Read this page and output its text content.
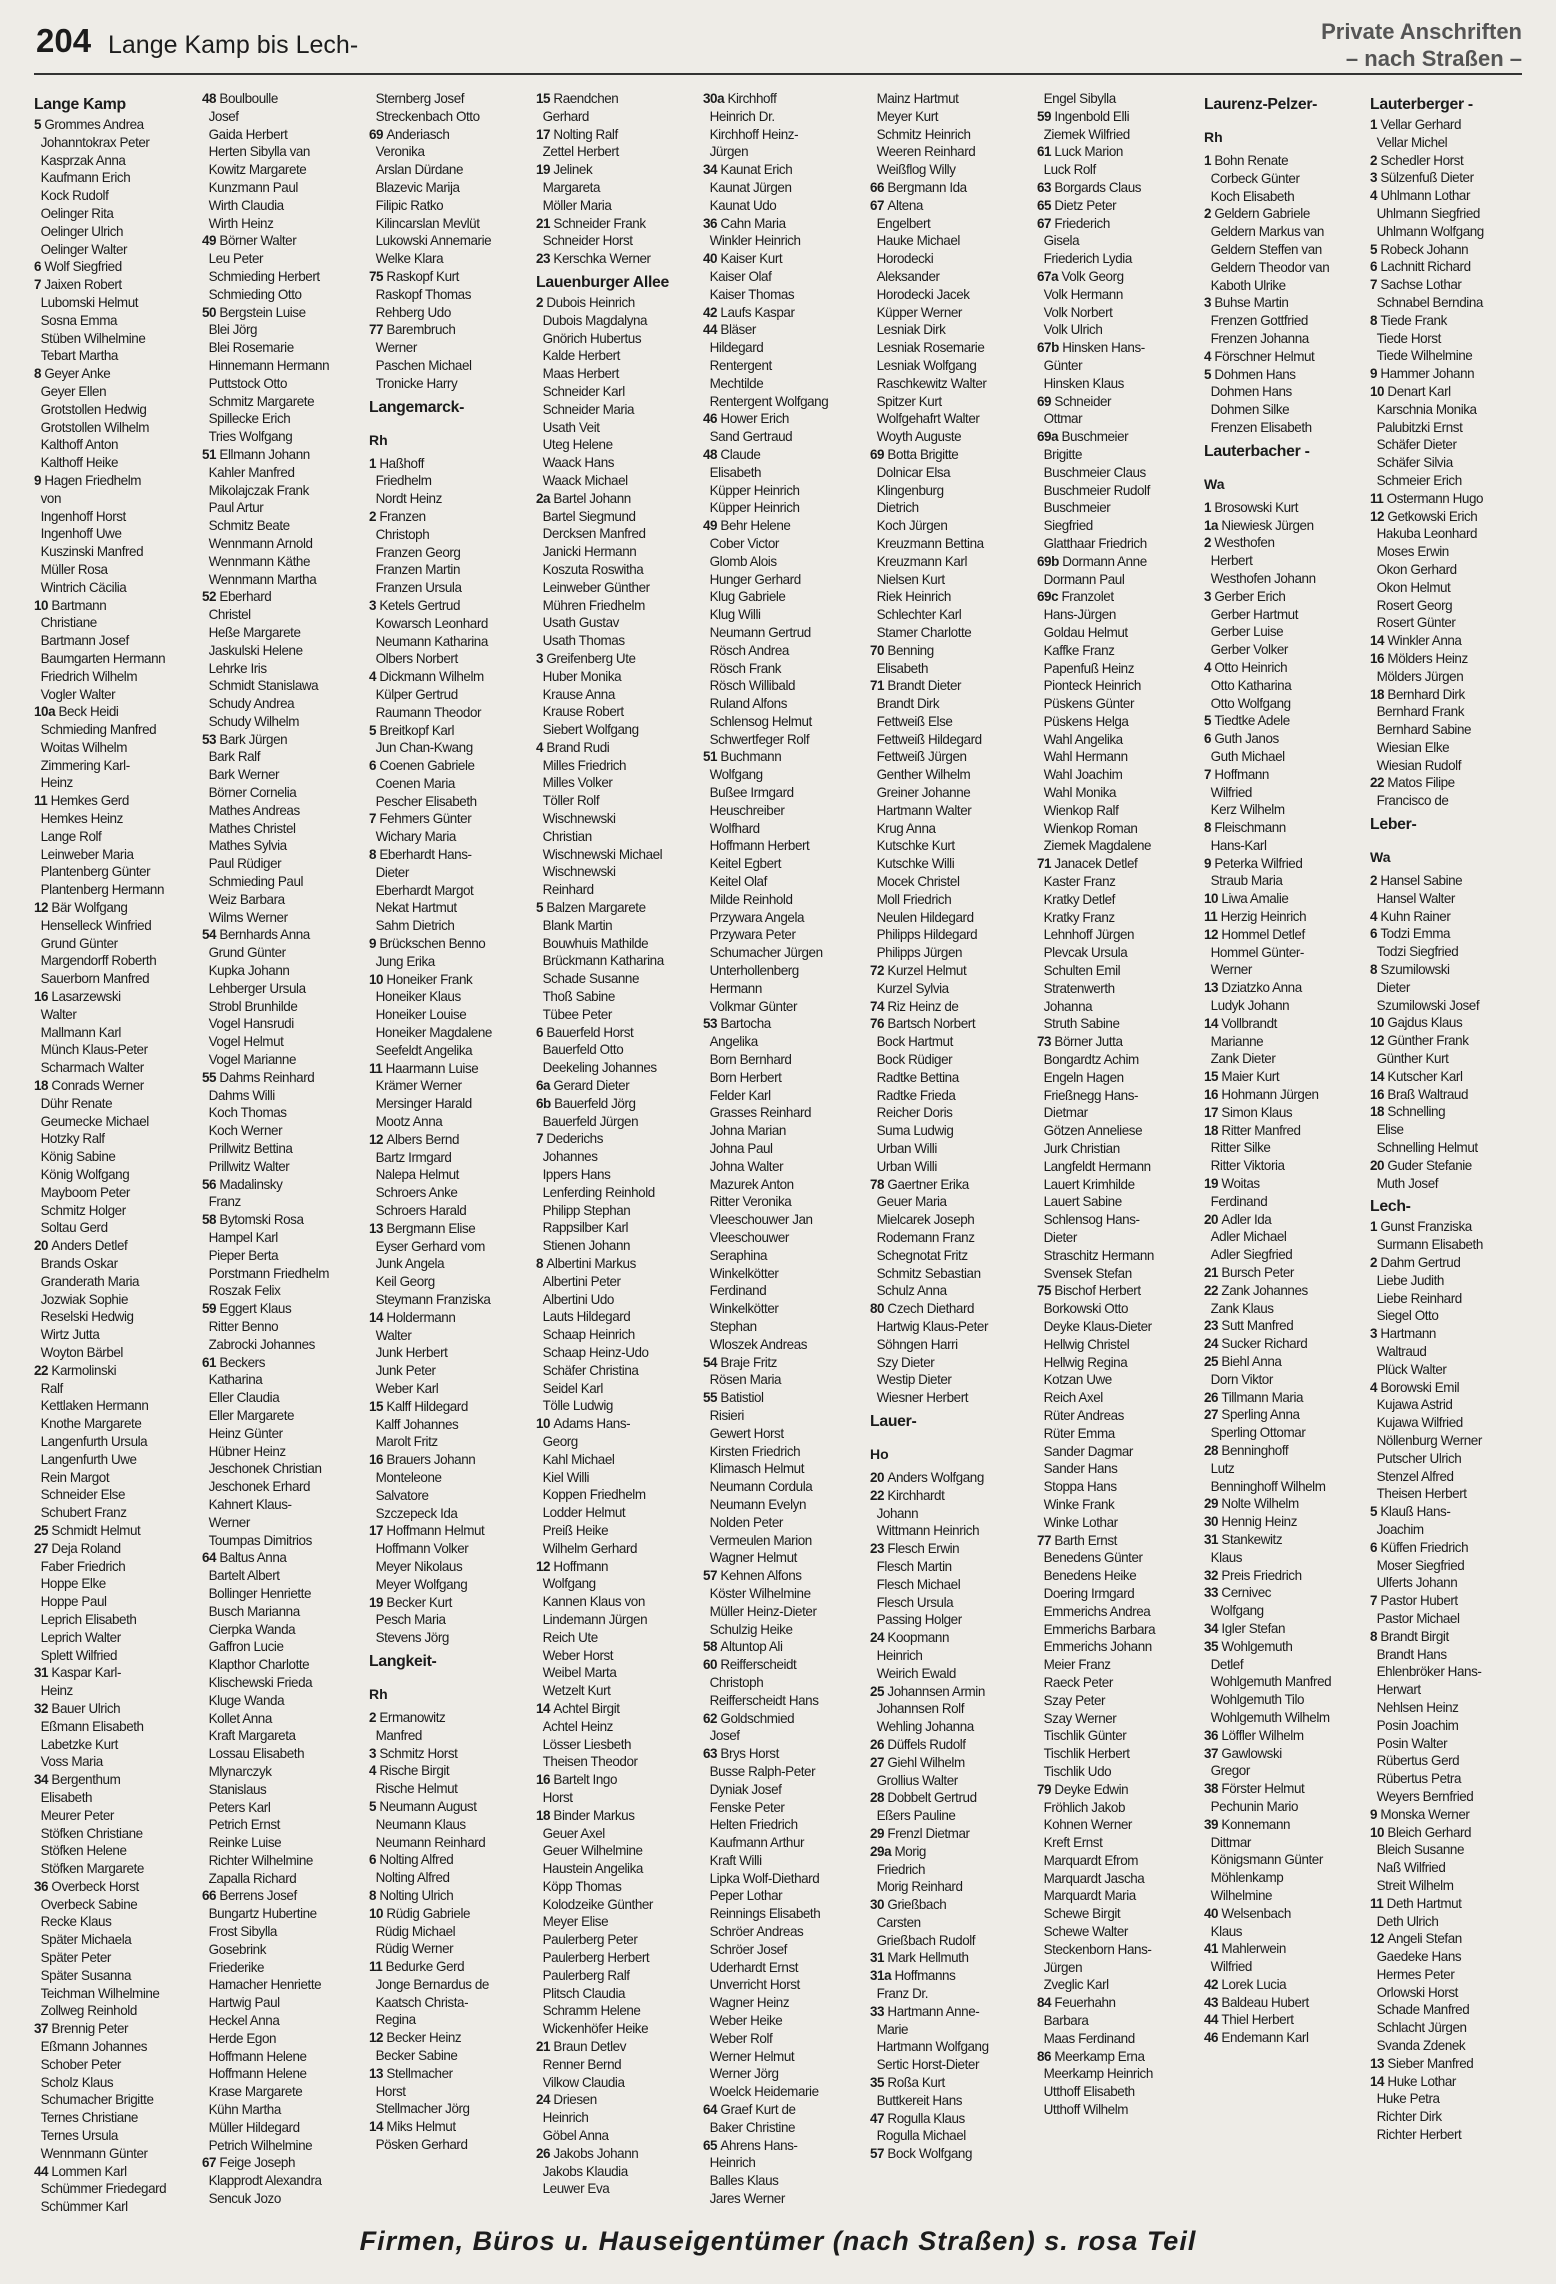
204 Lange Kamp bis Lech-	Private Anschriften
– nach Straßen –
Lange Kamp
5 Grommes Andrea
Johanntokrax Peter
Kasprzak Anna
Kaufmann Erich
Kock Rudolf
Oelinger Rita
Oelinger Ulrich
Oelinger Walter
6 Wolf Siegfried
7 Jaixen Robert
Lubomski Helmut
Sosna Emma
Stüben Wilhelmine
Tebart Martha
8 Geyer Anke
Geyer Ellen
Grotstollen Hedwig
Grotstollen Wilhelm
Kalthoff Anton
Kalthoff Heike
9 Hagen Friedhelm
von
Ingenhoff Horst
Ingenhoff Uwe
Kuszinski Manfred
Müller Rosa
Wintrich Cäcilia
10 Bartmann
Christiane
Bartmann Josef
Baumgarten Hermann
Friedrich Wilhelm
Vogler Walter
10a Beck Heidi
Schmieding Manfred
Woitas Wilhelm
Zimmering Karl-
Heinz
11 Hemkes Gerd
Hemkes Heinz
Lange Rolf
Leinweber Maria
Plantenberg Günter
Plantenberg Hermann
12 Bär Wolfgang
Henselleck Winfried
Grund Günter
Margendorff Roberth
Sauerborn Manfred
16 Lasarzewski
Walter
Mallmann Karl
Münch Klaus-Peter
Scharmach Walter
18 Conrads Werner
Dühr Renate
Geumecke Michael
Hotzky Ralf
König Sabine
König Wolfgang
Mayboom Peter
Schmitz Holger
Soltau Gerd
20 Anders Detlef
Brands Oskar
Granderath Maria
Jozwiak Sophie
Reselski Hedwig
Wirtz Jutta
Woyton Bärbel
22 Karmolinski
Ralf
Kettlaken Hermann
Knothe Margarete
Langenfurth Ursula
Langenfurth Uwe
Rein Margot
Schneider Else
Schubert Franz
25 Schmidt Helmut
27 Deja Roland
Faber Friedrich
Hoppe Elke
Hoppe Paul
Leprich Elisabeth
Leprich Walter
Splett Wilfried
31 Kaspar Karl-
Heinz
32 Bauer Ulrich
Eßmann Elisabeth
Labetzke Kurt
Voss Maria
34 Bergenthum
Elisabeth
Meurer Peter
Stöfken Christiane
Stöfken Helene
Stöfken Margarete
36 Overbeck Horst
Overbeck Sabine
Recke Klaus
Später Michaela
Später Peter
Später Susanna
Teichman Wilhelmine
Zollweg Reinhold
37 Brennig Peter
Eßmann Johannes
Schober Peter
Scholz Klaus
Schumacher Brigitte
Ternes Christiane
Ternes Ursula
Wennmann Günter
44 Lommen Karl
Schümmer Friedegard
Schümmer Karl
48 Boulboulle
Josef
Gaida Herbert
Herten Sibylla van
Kowitz Margarete
Kunzmann Paul
Wirth Claudia
Wirth Heinz
49 Börner Walter
Leu Peter
Schmieding Herbert
Schmieding Otto
50 Bergstein Luise
Blei Jörg
Blei Rosemarie
Hinnemann Hermann
Puttstock Otto
Schmitz Margarete
Spillecke Erich
Tries Wolfgang
51 Ellmann Johann
Kahler Manfred
Mikolajczak Frank
Paul Artur
Schmitz Beate
Wennmann Arnold
Wennmann Käthe
Wennmann Martha
52 Eberhard
Christel
Heße Margarete
Jaskulski Helene
Lehrke Iris
Schmidt Stanislawa
Schudy Andrea
Schudy Wilhelm
53 Bark Jürgen
Bark Ralf
Bark Werner
Börner Cornelia
Mathes Andreas
Mathes Christel
Mathes Sylvia
Paul Rüdiger
Schmieding Paul
Weiz Barbara
Wilms Werner
54 Bernhards Anna
Grund Günter
Kupka Johann
Lehberger Ursula
Strobl Brunhilde
Vogel Hansrudi
Vogel Helmut
Vogel Marianne
55 Dahms Reinhard
Dahms Willi
Koch Thomas
Koch Werner
Prillwitz Bettina
Prillwitz Walter
56 Madalinsky
Franz
58 Bytomski Rosa
Hampel Karl
Pieper Berta
Porstmann Friedhelm
Roszak Felix
59 Eggert Klaus
Ritter Benno
Zabrocki Johannes
61 Beckers
Katharina
Eller Claudia
Eller Margarete
Heinz Günter
Hübner Heinz
Jeschonek Christian
Jeschonek Erhard
Kahnert Klaus-
Werner
Toumpas Dimitrios
64 Baltus Anna
Bartelt Albert
Bollinger Henriette
Busch Marianna
Cierpka Wanda
Gaffron Lucie
Klapthor Charlotte
Klischewski Frieda
Kluge Wanda
Kollet Anna
Kraft Margareta
Lossau Elisabeth
Mlynarczyk
Stanislaus
Peters Karl
Petrich Ernst
Reinke Luise
Richter Wilhelmine
Zapalla Richard
66 Berrens Josef
Bungartz Hubertine
Frost Sibylla
Gosebrink
Friederike
Hamacher Henriette
Hartwig Paul
Heckel Anna
Herde Egon
Hoffmann Helene
Hoffmann Helene
Krase Margarete
Kühn Martha
Müller Hildegard
Petrich Wilhelmine
67 Feige Joseph
Klapprodt Alexandra
Sencuk Jozo
Sternberg Josef
Streckenbach Otto
69 Anderiasch
Veronika
Arslan Dürdane
Blazevic Marija
Filipic Ratko
Kilincarslan Mevlüt
Lukowski Annemarie
Welke Klara
75 Raskopf Kurt
Raskopf Thomas
Rehberg Udo
77 Barembruch
Werner
Paschen Michael
Tronicke Harry
Langemarck-
Rh
1 Haßhoff
Friedhelm
Nordt Heinz
2 Franzen
Christoph
Franzen Georg
Franzen Martin
Franzen Ursula
3 Ketels Gertrud
Kowarsch Leonhard
Neumann Katharina
Olbers Norbert
4 Dickmann Wilhelm
Külper Gertrud
Raumann Theodor
5 Breitkopf Karl
Jun Chan-Kwang
6 Coenen Gabriele
Coenen Maria
Pescher Elisabeth
7 Fehmers Günter
Wichary Maria
8 Eberhardt Hans-
Dieter
Eberhardt Margot
Nekat Hartmut
Sahm Dietrich
9 Brückschen Benno
Jung Erika
10 Honeiker Frank
Honeiker Klaus
Honeiker Louise
Honeiker Magdalene
Seefeldt Angelika
11 Haarmann Luise
Krämer Werner
Mersinger Harald
Mootz Anna
12 Albers Bernd
Bartz Irmgard
Nalepa Helmut
Schroers Anke
Schroers Harald
13 Bergmann Elise
Eyser Gerhard vom
Junk Angela
Keil Georg
Steymann Franziska
14 Holdermann
Walter
Junk Herbert
Junk Peter
Weber Karl
15 Kalff Hildegard
Kalff Johannes
Marolt Fritz
16 Brauers Johann
Monteleone
Salvatore
Szczepeck Ida
17 Hoffmann Helmut
Hoffmann Volker
Meyer Nikolaus
Meyer Wolfgang
19 Becker Kurt
Pesch Maria
Stevens Jörg
Langkeit-
Rh
2 Ermanowitz
Manfred
3 Schmitz Horst
4 Rische Birgit
Rische Helmut
5 Neumann August
Neumann Klaus
Neumann Reinhard
6 Nolting Alfred
Nolting Alfred
8 Nolting Ulrich
10 Rüdig Gabriele
Rüdig Michael
Rüdig Werner
11 Bedurke Gerd
Jonge Bernardus de
Kaatsch Christa-
Regina
12 Becker Heinz
Becker Sabine
13 Stellmacher
Horst
Stellmacher Jörg
14 Miks Helmut
Pösken Gerhard
15 Raendchen
Gerhard
17 Nolting Ralf
Zettel Herbert
19 Jelinek
Margareta
Möller Maria
21 Schneider Frank
Schneider Horst
23 Kerschka Werner
Lauenburger Allee
2 Dubois Heinrich
Dubois Magdalyna
Gnörich Hubertus
Kalde Herbert
Maas Herbert
Schneider Karl
Schneider Maria
Usath Veit
Uteg Helene
Waack Hans
Waack Michael
2a Bartel Johann
Bartel Siegmund
Dercksen Manfred
Janicki Hermann
Koszuta Roswitha
Leinweber Günther
Mühren Friedhelm
Usath Gustav
Usath Thomas
3 Greifenberg Ute
Huber Monika
Krause Anna
Krause Robert
Siebert Wolfgang
4 Brand Rudi
Milles Friedrich
Milles Volker
Töller Rolf
Wischnewski
Christian
Wischnewski Michael
Wischnewski
Reinhard
5 Balzen Margarete
Blank Martin
Bouwhuis Mathilde
Brückmann Katharina
Schade Susanne
Thoß Sabine
Tübee Peter
6 Bauerfeld Horst
Bauerfeld Otto
Deekeling Johannes
6a Gerard Dieter
6b Bauerfeld Jörg
Bauerfeld Jürgen
7 Dederichs
Johannes
Ippers Hans
Lenferding Reinhold
Philipp Stephan
Rappsilber Karl
Stienen Johann
8 Albertini Markus
Albertini Peter
Albertini Udo
Lauts Hildegard
Schaap Heinrich
Schaap Heinz-Udo
Schäfer Christina
Seidel Karl
Tölle Ludwig
10 Adams Hans-
Georg
Kahl Michael
Kiel Willi
Koppen Friedhelm
Lodder Helmut
Preiß Heike
Wilhelm Gerhard
12 Hoffmann
Wolfgang
Kannen Klaus von
Lindemann Jürgen
Reich Ute
Weber Horst
Weibel Marta
Wetzelt Kurt
14 Achtel Birgit
Achtel Heinz
Lösser Liesbeth
Theisen Theodor
16 Bartelt Ingo
Horst
18 Binder Markus
Geuer Axel
Geuer Wilhelmine
Haustein Angelika
Köpp Thomas
Kolodzeike Günther
Meyer Elise
Paulerberg Peter
Paulerberg Herbert
Paulerberg Ralf
Plitsch Claudia
Schramm Helene
Wickenhöfer Heike
21 Braun Detlev
Renner Bernd
Vilkow Claudia
24 Driesen
Heinrich
Göbel Anna
26 Jakobs Johann
Jakobs Klaudia
Leuwer Eva
30a Kirchhoff
Heinrich Dr.
Kirchhoff Heinz-
Jürgen
34 Kaunat Erich
Kaunat Jürgen
Kaunat Udo
36 Cahn Maria
Winkler Heinrich
40 Kaiser Kurt
Kaiser Olaf
Kaiser Thomas
42 Laufs Kaspar
44 Bläser
Hildegard
Rentergent
Mechtilde
Rentergent Wolfgang
46 Hower Erich
Sand Gertraud
48 Claude
Elisabeth
Küpper Heinrich
Küpper Heinrich
49 Behr Helene
Cober Victor
Glomb Alois
Hunger Gerhard
Klug Gabriele
Klug Willi
Neumann Gertrud
Rösch Andrea
Rösch Frank
Rösch Willibald
Ruland Alfons
Schlensog Helmut
Schwertfeger Rolf
51 Buchmann
Wolfgang
Bußee Irmgard
Heuschreiber
Wolfhard
Hoffmann Herbert
Keitel Egbert
Keitel Olaf
Milde Reinhold
Przywara Angela
Przywara Peter
Schumacher Jürgen
Unterhollenberg
Hermann
Volkmar Günter
53 Bartocha
Angelika
Born Bernhard
Born Herbert
Felder Karl
Grasses Reinhard
Johna Marian
Johna Paul
Johna Walter
Mazurek Anton
Ritter Veronika
Vleeschouwer Jan
Vleeschouwer
Seraphina
Winkelkötter
Ferdinand
Winkelkötter
Stephan
Wloszek Andreas
54 Braje Fritz
Rösen Maria
55 Batistiol
Risieri
Gewert Horst
Kirsten Friedrich
Klimasch Helmut
Neumann Cordula
Neumann Evelyn
Nolden Peter
Vermeulen Marion
Wagner Helmut
57 Kehnen Alfons
Köster Wilhelmine
Müller Heinz-Dieter
Schulzig Heike
58 Altuntop Ali
60 Reifferscheidt
Christoph
Reifferscheidt Hans
62 Goldschmied
Josef
63 Brys Horst
Busse Ralph-Peter
Dyniak Josef
Fenske Peter
Helten Friedrich
Kaufmann Arthur
Kraft Willi
Lipka Wolf-Diethard
Peper Lothar
Reinnings Elisabeth
Schröer Andreas
Schröer Josef
Uderhardt Ernst
Unverricht Horst
Wagner Heinz
Weber Heike
Weber Rolf
Werner Helmut
Werner Jörg
Woelck Heidemarie
64 Graef Kurt de
Baker Christine
65 Ahrens Hans-
Heinrich
Balles Klaus
Jares Werner
Mainz Hartmut
Meyer Kurt
Schmitz Heinrich
Weeren Reinhard
Weißflog Willy
66 Bergmann Ida
67 Altena
Engelbert
Hauke Michael
Horodecki
Aleksander
Horodecki Jacek
Küpper Werner
Lesniak Dirk
Lesniak Rosemarie
Lesniak Wolfgang
Raschkewitz Walter
Spitzer Kurt
Wolfgehafrt Walter
Woyth Auguste
69 Botta Brigitte
Dolnicar Elsa
Klingenburg
Dietrich
Koch Jürgen
Kreuzmann Bettina
Kreuzmann Karl
Nielsen Kurt
Riek Heinrich
Schlechter Karl
Stamer Charlotte
70 Benning
Elisabeth
71 Brandt Dieter
Brandt Dirk
Fettweiß Else
Fettweiß Hildegard
Fettweiß Jürgen
Genther Wilhelm
Greiner Johanne
Hartmann Walter
Krug Anna
Kutschke Kurt
Kutschke Willi
Mocek Christel
Moll Friedrich
Neulen Hildegard
Philipps Hildegard
Philipps Jürgen
72 Kurzel Helmut
Kurzel Sylvia
74 Riz Heinz de
76 Bartsch Norbert
Bock Hartmut
Bock Rüdiger
Radtke Bettina
Radtke Frieda
Reicher Doris
Suma Ludwig
Urban Willi
Urban Willi
78 Gaertner Erika
Geuer Maria
Mielcarek Joseph
Rodemann Franz
Schegnotat Fritz
Schmitz Sebastian
Schulz Anna
80 Czech Diethard
Hartwig Klaus-Peter
Söhngen Harri
Szy Dieter
Westip Dieter
Wiesner Herbert
Lauer-
Ho
20 Anders Wolfgang
22 Kirchhardt
Johann
Wittmann Heinrich
23 Flesch Erwin
Flesch Martin
Flesch Michael
Flesch Ursula
Passing Holger
24 Koopmann
Heinrich
Weirich Ewald
25 Johannsen Armin
Johannsen Rolf
Wehling Johanna
26 Düffels Rudolf
27 Giehl Wilhelm
Grollius Walter
28 Dobbelt Gertrud
Eßers Pauline
29 Frenzl Dietmar
29a Morig
Friedrich
Morig Reinhard
30 Grießbach
Carsten
Grießbach Rudolf
31 Mark Hellmuth
31a Hoffmanns
Franz Dr.
33 Hartmann Anne-
Marie
Hartmann Wolfgang
Sertic Horst-Dieter
35 Roßa Kurt
Buttkereit Hans
47 Rogulla Klaus
Rogulla Michael
57 Bock Wolfgang
Engel Sibylla
59 Ingenbold Elli
Ziemek Wilfried
61 Luck Marion
Luck Rolf
63 Borgards Claus
65 Dietz Peter
67 Friederich
Gisela
Friederich Lydia
67a Volk Georg
Volk Hermann
Volk Norbert
Volk Ulrich
67b Hinsken Hans-
Günter
Hinsken Klaus
69 Schneider
Ottmar
69a Buschmeier
Brigitte
Buschmeier Claus
Buschmeier Rudolf
Buschmeier
Siegfried
Glatthaar Friedrich
69b Dormann Anne
Dormann Paul
69c Franzolet
Hans-Jürgen
Goldau Helmut
Kaffke Franz
Papenfuß Heinz
Pionteck Heinrich
Püskens Günter
Püskens Helga
Wahl Angelika
Wahl Hermann
Wahl Joachim
Wahl Monika
Wienkop Ralf
Wienkop Roman
Ziemek Magdalene
71 Janacek Detlef
Kaster Franz
Kratky Detlef
Kratky Franz
Lehnhoff Jürgen
Plevcak Ursula
Schulten Emil
Stratenwerth
Johanna
Struth Sabine
73 Börner Jutta
Bongardtz Achim
Engeln Hagen
Frießnegg Hans-
Dietmar
Götzen Anneliese
Jurk Christian
Langfeldt Hermann
Lauert Krimhilde
Lauert Sabine
Schlensog Hans-
Dieter
Straschitz Hermann
Svensek Stefan
75 Bischof Herbert
Borkowski Otto
Deyke Klaus-Dieter
Hellwig Christel
Hellwig Regina
Kotzan Uwe
Reich Axel
Rüter Andreas
Rüter Emma
Sander Dagmar
Sander Hans
Stoppa Hans
Winke Frank
Winke Lothar
77 Barth Ernst
Benedens Günter
Benedens Heike
Doering Irmgard
Emmerichs Andrea
Emmerichs Barbara
Emmerichs Johann
Meier Franz
Raeck Peter
Szay Peter
Szay Werner
Tischlik Günter
Tischlik Herbert
Tischlik Udo
79 Deyke Edwin
Fröhlich Jakob
Kohnen Werner
Kreft Ernst
Marquardt Efrom
Marquardt Jascha
Marquardt Maria
Schewe Birgit
Schewe Walter
Steckenborn Hans-
Jürgen
Zveglic Karl
84 Feuerhahn
Barbara
Maas Ferdinand
86 Meerkamp Erna
Meerkamp Heinrich
Utthoff Elisabeth
Utthoff Wilhelm
Laurenz-Pelzer-
Rh
1 Bohn Renate
Corbeck Günter
Koch Elisabeth
2 Geldern Gabriele
Geldern Markus van
Geldern Steffen van
Geldern Theodor van
Kaboth Ulrike
3 Buhse Martin
Frenzen Gottfried
Frenzen Johanna
4 Förschner Helmut
5 Dohmen Hans
Dohmen Hans
Dohmen Silke
Frenzen Elisabeth
Lauterbacher -
Wa
1 Brosowski Kurt
1a Niewiesk Jürgen
2 Westhofen
Herbert
Westhofen Johann
3 Gerber Erich
Gerber Hartmut
Gerber Luise
Gerber Volker
4 Otto Heinrich
Otto Katharina
Otto Wolfgang
5 Tiedtke Adele
6 Guth Janos
Guth Michael
7 Hoffmann
Wilfried
Kerz Wilhelm
8 Fleischmann
Hans-Karl
9 Peterka Wilfried
Straub Maria
10 Liwa Amalie
11 Herzig Heinrich
12 Hommel Detlef
Hommel Günter-
Werner
13 Dziatzko Anna
Ludyk Johann
14 Vollbrandt
Marianne
Zank Dieter
15 Maier Kurt
16 Hohmann Jürgen
17 Simon Klaus
18 Ritter Manfred
Ritter Silke
Ritter Viktoria
19 Woitas
Ferdinand
20 Adler Ida
Adler Michael
Adler Siegfried
21 Bursch Peter
22 Zank Johannes
Zank Klaus
23 Sutt Manfred
24 Sucker Richard
25 Biehl Anna
Dorn Viktor
26 Tillmann Maria
27 Sperling Anna
Sperling Ottomar
28 Benninghoff
Lutz
Benninghoff Wilhelm
29 Nolte Wilhelm
30 Hennig Heinz
31 Stankewitz
Klaus
32 Preis Friedrich
33 Cernivec
Wolfgang
34 Igler Stefan
35 Wohlgemuth
Detlef
Wohlgemuth Manfred
Wohlgemuth Tilo
Wohlgemuth Wilhelm
36 Löffler Wilhelm
37 Gawlowski
Gregor
38 Förster Helmut
Pechunin Mario
39 Konnemann
Dittmar
Königsmann Günter
Möhlenkamp
Wilhelmine
40 Welsenbach
Klaus
41 Mahlerwein
Wilfried
42 Lorek Lucia
43 Baldeau Hubert
44 Thiel Herbert
46 Endemann Karl
Lauterberger -
1 Vellar Gerhard
Vellar Michel
2 Schedler Horst
3 Sülzenfuß Dieter
4 Uhlmann Lothar
Uhlmann Siegfried
Uhlmann Wolfgang
5 Robeck Johann
6 Lachnitt Richard
7 Sachse Lothar
Schnabel Berndina
8 Tiede Frank
Tiede Horst
Tiede Wilhelmine
9 Hammer Johann
10 Denart Karl
Karschnia Monika
Palubitzki Ernst
Schäfer Dieter
Schäfer Silvia
Schmeier Erich
11 Ostermann Hugo
12 Getkowski Erich
Hakuba Leonhard
Moses Erwin
Okon Gerhard
Okon Helmut
Rosert Georg
Rosert Günter
14 Winkler Anna
16 Mölders Heinz
Mölders Jürgen
18 Bernhard Dirk
Bernhard Frank
Bernhard Sabine
Wiesian Elke
Wiesian Rudolf
22 Matos Filipe
Francisco de
Leber-
Wa
2 Hansel Sabine
Hansel Walter
4 Kuhn Rainer
6 Todzi Emma
Todzi Siegfried
8 Szumilowski
Dieter
Szumilowski Josef
10 Gajdus Klaus
12 Günther Frank
Günther Kurt
14 Kutscher Karl
16 Braß Waltraud
18 Schnelling
Elise
Schnelling Helmut
20 Guder Stefanie
Muth Josef
Lech-
1 Gunst Franziska
Surmann Elisabeth
2 Dahm Gertrud
Liebe Judith
Liebe Reinhard
Siegel Otto
3 Hartmann
Waltraud
Plück Walter
4 Borowski Emil
Kujawa Astrid
Kujawa Wilfried
Nöllenburg Werner
Putscher Ulrich
Stenzel Alfred
Theisen Herbert
5 Klauß Hans-
Joachim
6 Küffen Friedrich
Moser Siegfried
Ulferts Johann
7 Pastor Hubert
Pastor Michael
8 Brandt Birgit
Brandt Hans
Ehlenbröker Hans-
Herwart
Nehlsen Heinz
Posin Joachim
Posin Walter
Rübertus Gerd
Rübertus Petra
Weyers Bernfried
9 Monska Werner
10 Bleich Gerhard
Bleich Susanne
Naß Wilfried
Streit Wilhelm
11 Deth Hartmut
Deth Ulrich
12 Angeli Stefan
Gaedeke Hans
Hermes Peter
Orlowski Horst
Schade Manfred
Schlacht Jürgen
Svanda Zdenek
13 Sieber Manfred
14 Huke Lothar
Huke Petra
Richter Dirk
Richter Herbert
Firmen, Büros u. Hauseigentümer (nach Straßen) s. rosa Teil
